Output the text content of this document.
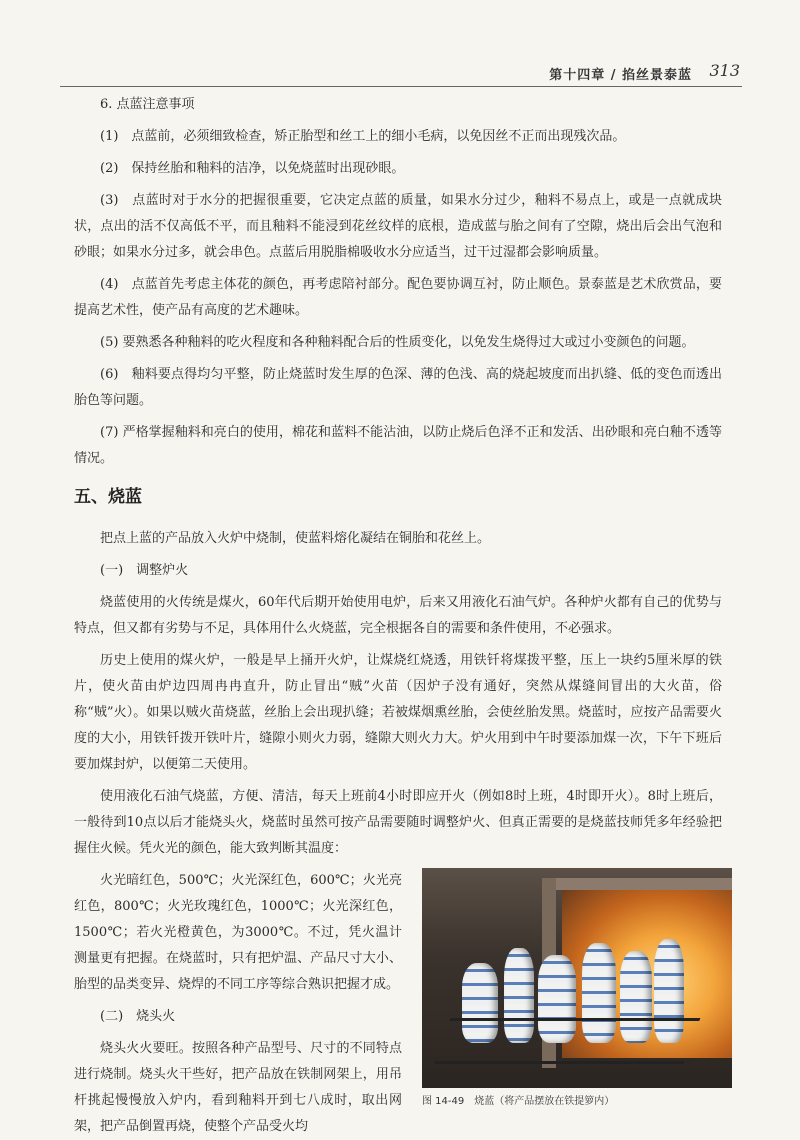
第十四章 / 掐丝景泰蓝 313

6. 点蓝注意事项

(1)　点蓝前，必须细致检查，矫正胎型和丝工上的细小毛病，以免因丝不正而出现残次品。

(2)　保持丝胎和釉料的洁净，以免烧蓝时出现砂眼。

(3)　点蓝时对于水分的把握很重要，它决定点蓝的质量，如果水分过少，釉料不易点上，或是一点就成块状，点出的活不仅高低不平，而且釉料不能浸到花丝纹样的底根，造成蓝与胎之间有了空隙，烧出后会出气泡和砂眼；如果水分过多，就会串色。点蓝后用脱脂棉吸收水分应适当，过干过湿都会影响质量。

(4)　点蓝首先考虑主体花的颜色，再考虑陪衬部分。配色要协调互衬，防止顺色。景泰蓝是艺术欣赏品，要提高艺术性，使产品有高度的艺术趣味。

(5) 要熟悉各种釉料的吃火程度和各种釉料配合后的性质变化，以免发生烧得过大或过小变颜色的问题。

(6)　釉料要点得均匀平整，防止烧蓝时发生厚的色深、薄的色浅、高的烧起坡度而出扒缝、低的变色而透出胎色等问题。

(7) 严格掌握釉料和亮白的使用，棉花和蓝料不能沾油，以防止烧后色泽不正和发活、出砂眼和亮白釉不透等情况。

五、烧蓝

把点上蓝的产品放入火炉中烧制，使蓝料熔化凝结在铜胎和花丝上。

(一)　调整炉火

烧蓝使用的火传统是煤火，60年代后期开始使用电炉，后来又用液化石油气炉。各种炉火都有自己的优势与特点，但又都有劣势与不足，具体用什么火烧蓝，完全根据各自的需要和条件使用，不必强求。

历史上使用的煤火炉，一般是早上捅开火炉，让煤烧红烧透，用铁钎将煤拨平整，压上一块约5厘米厚的铁片，使火苗由炉边四周冉冉直升，防止冒出“贼”火苗（因炉子没有通好，突然从煤缝间冒出的大火苗，俗称“贼”火）。如果以贼火苗烧蓝，丝胎上会出现扒缝；若被煤烟熏丝胎，会使丝胎发黑。烧蓝时，应按产品需要火度的大小，用铁钎拨开铁叶片，缝隙小则火力弱，缝隙大则火力大。炉火用到中午时要添加煤一次，下午下班后要加煤封炉，以便第二天使用。

使用液化石油气烧蓝，方便、清洁，每天上班前4小时即应开火（例如8时上班，4时即开火）。8时上班后，一般待到10点以后才能烧头火，烧蓝时虽然可按产品需要随时调整炉火、但真正需要的是烧蓝技师凭多年经验把握住火候。凭火光的颜色，能大致判断其温度：

图 14-49　烧蓝（将产品摆放在铁提箩内）

火光暗红色，500℃；火光深红色，600℃；火光亮红色，800℃；火光玫瑰红色，1000℃；火光深红色，1500℃；若火光橙黄色，为3000℃。不过，凭火温计测量更有把握。在烧蓝时，只有把炉温、产品尺寸大小、胎型的品类变异、烧焊的不同工序等综合熟识把握才成。

(二)　烧头火

烧头火火要旺。按照各种产品型号、尺寸的不同特点进行烧制。烧头火干些好，把产品放在铁制网架上，用吊杆挑起慢慢放入炉内，看到釉料开到七八成时，取出网架，把产品倒置再烧，使整个产品受火均
